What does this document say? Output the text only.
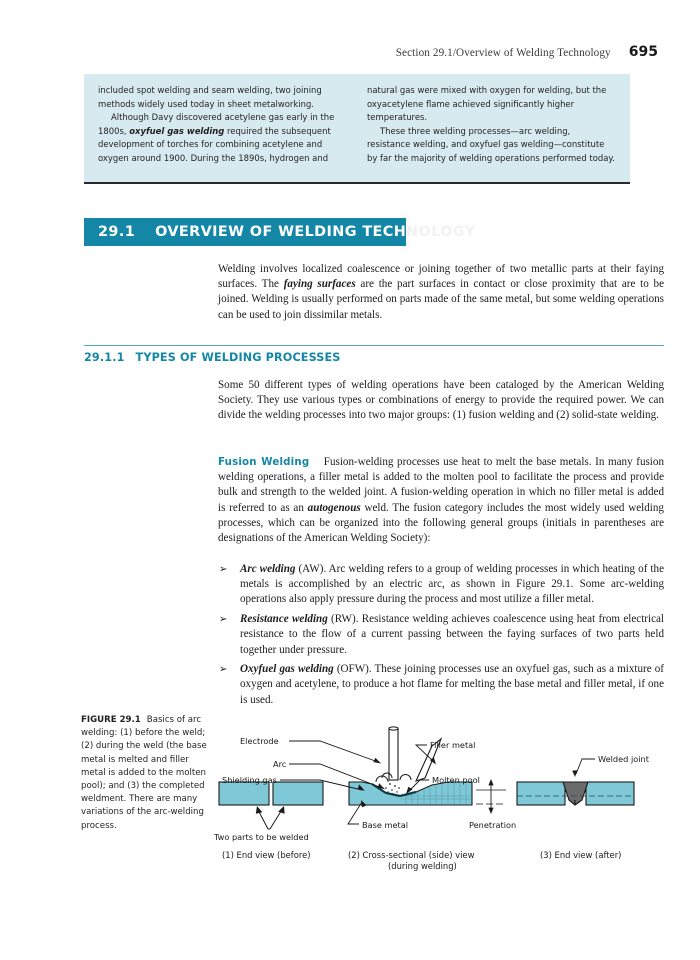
Section 29.1/Overview of Welding Technology 695

included spot welding and seam welding, two joining methods widely used today in sheet metalworking.

Although Davy discovered acetylene gas early in the 1800s, oxyfuel gas welding required the subsequent development of torches for combining acetylene and oxygen around 1900. During the 1890s, hydrogen and

natural gas were mixed with oxygen for welding, but the oxyacetylene flame achieved significantly higher temperatures.

These three welding processes—arc welding, resistance welding, and oxyfuel gas welding—constitute by far the majority of welding operations performed today.

29.1 OVERVIEW OF WELDING TECH NOLOGY

Welding involves localized coalescence or joining together of two metallic parts at their faying surfaces. The faying surfaces are the part surfaces in contact or close proximity that are to be joined. Welding is usually performed on parts made of the same metal, but some welding operations can be used to join dissimilar metals.

29.1.1 TYPES OF WELDING PROCESSES

Some 50 different types of welding operations have been cataloged by the American Welding Society. They use various types or combinations of energy to provide the required power. We can divide the welding processes into two major groups: (1) fusion welding and (2) solid-state welding.

Fusion Welding    Fusion-welding processes use heat to melt the base metals. In many fusion welding operations, a filler metal is added to the molten pool to facilitate the process and provide bulk and strength to the welded joint. A fusion-welding operation in which no filler metal is added is referred to as an autogenous weld. The fusion category includes the most widely used welding processes, which can be organized into the following general groups (initials in parentheses are designations of the American Welding Society):

➢	Arc welding (AW). Arc welding refers to a group of welding processes in which heating of the metals is accomplished by an electric arc, as shown in Figure 29.1. Some arc-welding operations also apply pressure during the process and most utilize a filler metal.
➢	Resistance welding (RW). Resistance welding achieves coalescence using heat from electrical resistance to the flow of a current passing between the faying surfaces of two parts held together under pressure.
➢	Oxyfuel gas welding (OFW). These joining processes use an oxyfuel gas, such as a mixture of oxygen and acetylene, to produce a hot flame for melting the base metal and filler metal, if one is used.
FIGURE 29.1 Basics of arc welding: (1) before the weld; (2) during the weld (the base metal is melted and filler metal is added to the molten pool); and (3) the completed weldment. There are many variations of the arc-welding process.
Two parts to be welded
Electrode	Filler metal
Arc
Shielding gas	Molten pool
Base metal	Penetration
Welded joint
(1) End view (before)	(2) Cross-sectional (side) view
(during welding)
(3) End view (after)
